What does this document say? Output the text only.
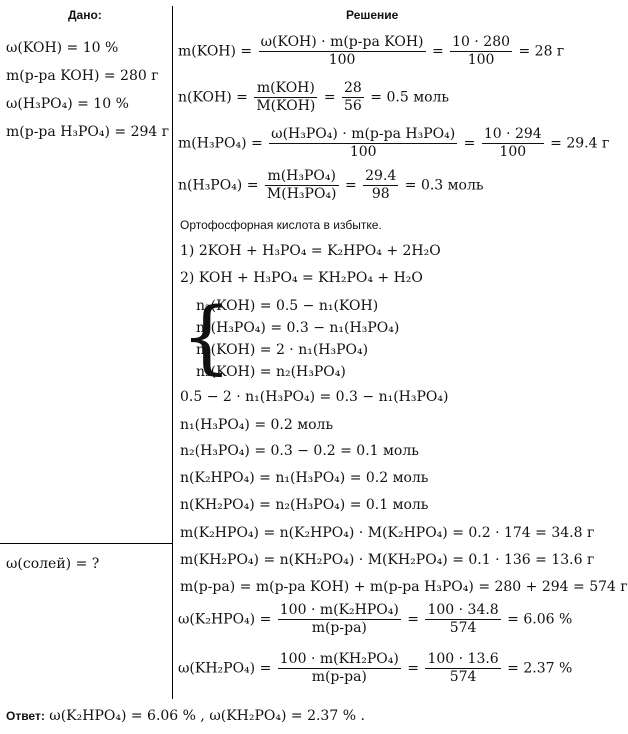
Дано:
ω(KOH) = 10 %
m(р-ра KOH) = 280 г
ω(H₃PO₄) = 10 %
m(р-ра H₃PO₄) = 294 г
ω(солей) = ?
Решение
$m(KOH) = \frac{\text{ω(KOH) · m(р-ра KOH)}}{100} = \frac{10 \cdot 280}{100} = 28$ г
$n(KOH) = \frac{\text{m(KOH)}}{\text{M(KOH)}} = \frac{28}{56} = 0.5$ моль
$m(H_3PO_4) = \frac{\text{ω(H₃PO₄) · m(р-ра H₃PO₄)}}{100} = \frac{10 \cdot 294}{100} = 29.4$ г
$n(H_3PO_4) = \frac{\text{m(H₃PO₄)}}{\text{M(H₃PO₄)}} = \frac{29.4}{98} = 0.3$ моль
Ортофосфорная кислота в избытке.
1) 2KOH + H₃PO₄ = K₂HPO₄ + 2H₂O
2) KOH + H₃PO₄ = KH₂PO₄ + H₂O
{
n₂(KOH) = 0.5 − n₁(KOH)
n₂(H₃PO₄) = 0.3 − n₁(H₃PO₄)
n₁(KOH) = 2 · n₁(H₃PO₄)
n₂(KOH) = n₂(H₃PO₄)
0.5 − 2 · n₁(H₃PO₄) = 0.3 − n₁(H₃PO₄)
n₁(H₃PO₄) = 0.2 моль
n₂(H₃PO₄) = 0.3 − 0.2 = 0.1 моль
n(K₂HPO₄) = n₁(H₃PO₄) = 0.2 моль
n(KH₂PO₄) = n₂(H₃PO₄) = 0.1 моль
m(K₂HPO₄) = n(K₂HPO₄) · M(K₂HPO₄) = 0.2 · 174 = 34.8 г
m(KH₂PO₄) = n(KH₂PO₄) · M(KH₂PO₄) = 0.1 · 136 = 13.6 г
m(р-ра) = m(р-ра KOH) + m(р-ра H₃PO₄) = 280 + 294 = 574 г
$\omega(K_2HPO_4) = \frac{\text{100 · m(K₂HPO₄)}}{m(р-ра)} = \frac{100 \cdot 34.8}{574} = 6.06$ %
$\omega(KH_2PO_4) = \frac{\text{100 · m(KH₂PO₄)}}{m(р-ра)} = \frac{100 \cdot 13.6}{574} = 2.37$ %
Ответ: ω(K₂HPO₄) = 6.06 % , ω(KH₂PO₄) = 2.37 % .
